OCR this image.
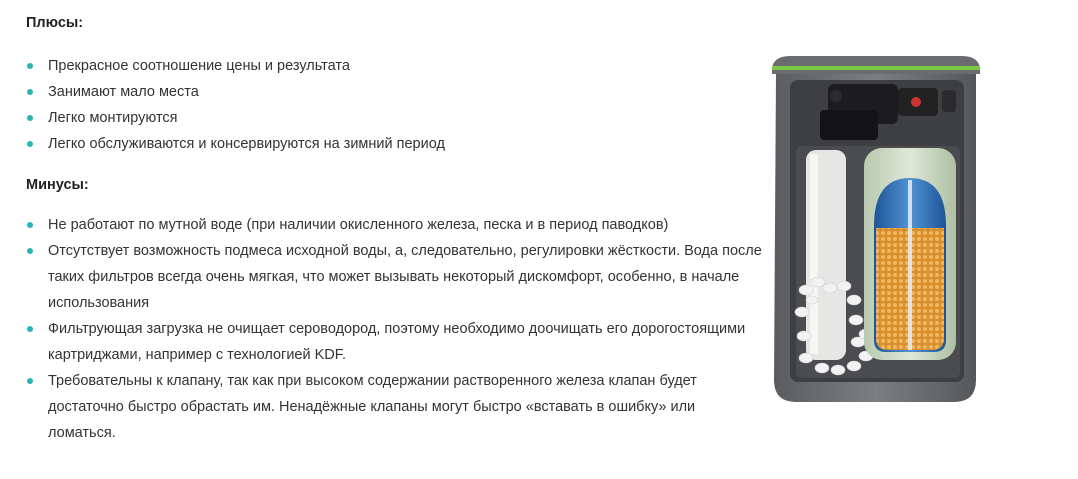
Плюсы:
Прекрасное соотношение цены и результата
Занимают мало места
Легко монтируются
Легко обслуживаются и консервируются на зимний период
Минусы:
Не работают по мутной воде (при наличии окисленного железа, песка и в период паводков)
Отсутствует возможность подмеса исходной воды, а, следовательно, регулировки жёсткости. Вода после таких фильтров всегда очень мягкая, что может вызывать некоторый дискомфорт, особенно, в начале использования
Фильтрующая загрузка не очищает сероводород, поэтому необходимо доочищать его дорогостоящими картриджами, например с технологией KDF.
Требовательны к клапану, так как при высоком содержании растворенного железа клапан будет достаточно быстро обрастать им. Ненадёжные клапаны могут быстро «вставать в ошибку» или ломаться.
